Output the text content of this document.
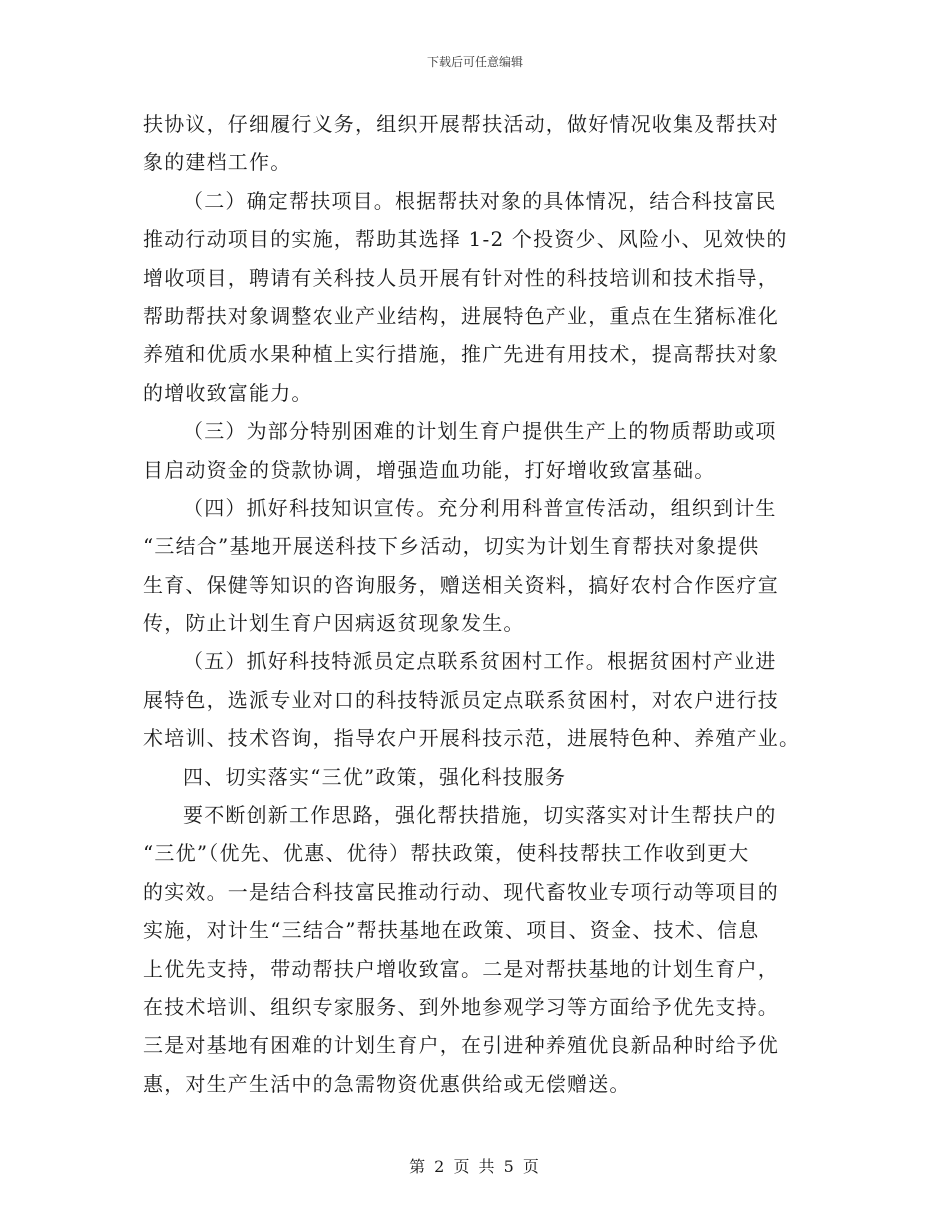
下载后可任意编辑
扶协议，仔细履行义务，组织开展帮扶活动，做好情况收集及帮扶对
象的建档工作。
（二）确定帮扶项目。根据帮扶对象的具体情况，结合科技富民
推动行动项目的实施，帮助其选择 1-2 个投资少、风险小、见效快的
增收项目，聘请有关科技人员开展有针对性的科技培训和技术指导，
帮助帮扶对象调整农业产业结构，进展特色产业，重点在生猪标准化
养殖和优质水果种植上实行措施，推广先进有用技术，提高帮扶对象
的增收致富能力。
（三）为部分特别困难的计划生育户提供生产上的物质帮助或项
目启动资金的贷款协调，增强造血功能，打好增收致富基础。
（四）抓好科技知识宣传。充分利用科普宣传活动，组织到计生
“三结合”基地开展送科技下乡活动，切实为计划生育帮扶对象提供
生育、保健等知识的咨询服务，赠送相关资料，搞好农村合作医疗宣
传，防止计划生育户因病返贫现象发生。
（五）抓好科技特派员定点联系贫困村工作。根据贫困村产业进
展特色，选派专业对口的科技特派员定点联系贫困村，对农户进行技
术培训、技术咨询，指导农户开展科技示范，进展特色种、养殖产业。
四、切实落实“三优”政策，强化科技服务
要不断创新工作思路，强化帮扶措施，切实落实对计生帮扶户的
“三优”（优先、优惠、优待）帮扶政策，使科技帮扶工作收到更大
的实效。一是结合科技富民推动行动、现代畜牧业专项行动等项目的
实施，对计生“三结合”帮扶基地在政策、项目、资金、技术、信息
上优先支持，带动帮扶户增收致富。二是对帮扶基地的计划生育户，
在技术培训、组织专家服务、到外地参观学习等方面给予优先支持。
三是对基地有困难的计划生育户，在引进种养殖优良新品种时给予优
惠，对生产生活中的急需物资优惠供给或无偿赠送。
第 2 页 共 5 页
